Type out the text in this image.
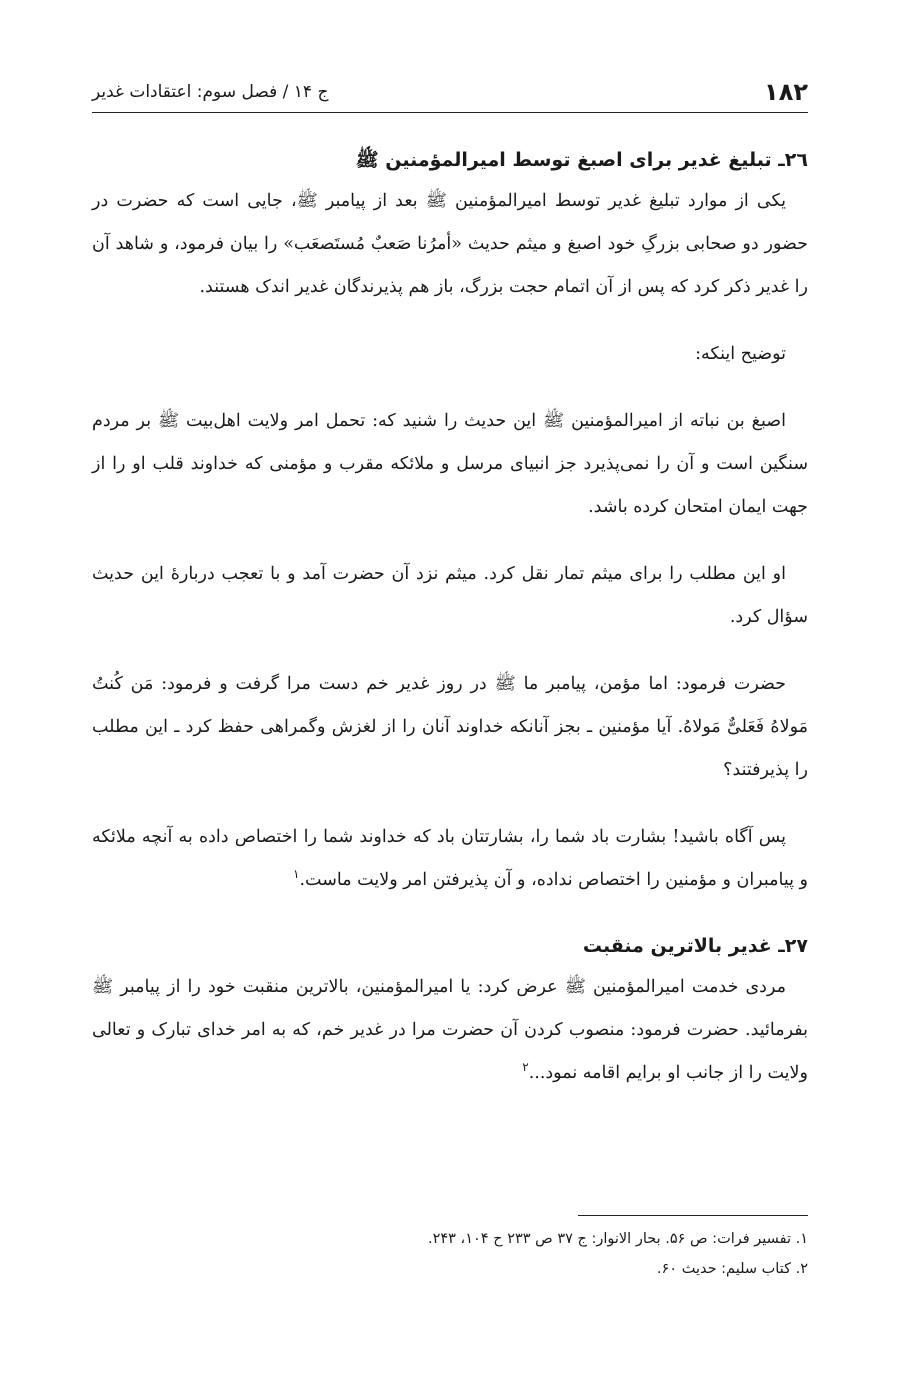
۱۸۲
ج ۱۴ / فصل سوم: اعتقادات غدیر
۲٦ـ تبلیغ غدیر برای اصبغ توسط امیرالمؤمنین ﷺ

یکی از موارد تبلیغ غدیر توسط امیرالمؤمنین ﷺ بعد از پیامبر ﷺ، جایی است که حضرت در حضور دو صحابی بزرگِ خود اصبغ و میثم حدیث «أمرُنا صَعبٌ مُستَصعَب» را بیان فرمود، و شاهد آن را غدیر ذکر کرد که پس از آن اتمام حجت بزرگ، باز هم پذیرندگان غدیر اندک هستند.

توضیح اینکه:

اصبغ بن نباته از امیرالمؤمنین ﷺ این حدیث را شنید که: تحمل امر ولایت اهل‌بیت ﷺ بر مردم سنگین است و آن را نمی‌پذیرد جز انبیای مرسل و ملائکه مقرب و مؤمنی که خداوند قلب او را از جهت ایمان امتحان کرده باشد.

او این مطلب را برای میثم تمار نقل کرد. میثم نزد آن حضرت آمد و با تعجب دربارۀ این حدیث سؤال کرد.

حضرت فرمود: اما مؤمن، پیامبر ما ﷺ در روز غدیر خم دست مرا گرفت و فرمود: مَن کُنتُ مَولاهُ فَعَلیٌّ مَولاهُ. آیا مؤمنین ـ بجز آنانکه خداوند آنان را از لغزش وگمراهی حفظ کرد ـ این مطلب را پذیرفتند؟

پس آگاه باشید! بشارت باد شما را، بشارتتان باد که خداوند شما را اختصاص داده به آنچه ملائکه و پیامبران و مؤمنین را اختصاص نداده، و آن پذیرفتن امر ولایت ماست.$^۱$

۲۷ـ غدیر بالاترین منقبت

مردی خدمت امیرالمؤمنین ﷺ عرض کرد: یا امیرالمؤمنین، بالاترین منقبت خود را از پیامبر ﷺ بفرمائید. حضرت فرمود: منصوب کردن آن حضرت مرا در غدیر خم، که به امر خدای تبارک و تعالی ولایت را از جانب او برایم اقامه نمود...$^۲$

۱. تفسیر فرات: ص ۵۶. بحار الانوار: ج ۳۷ ص ۲۳۳ ح ۱۰۴، ۲۴۳.

۲. کتاب سلیم: حدیث ۶۰.
